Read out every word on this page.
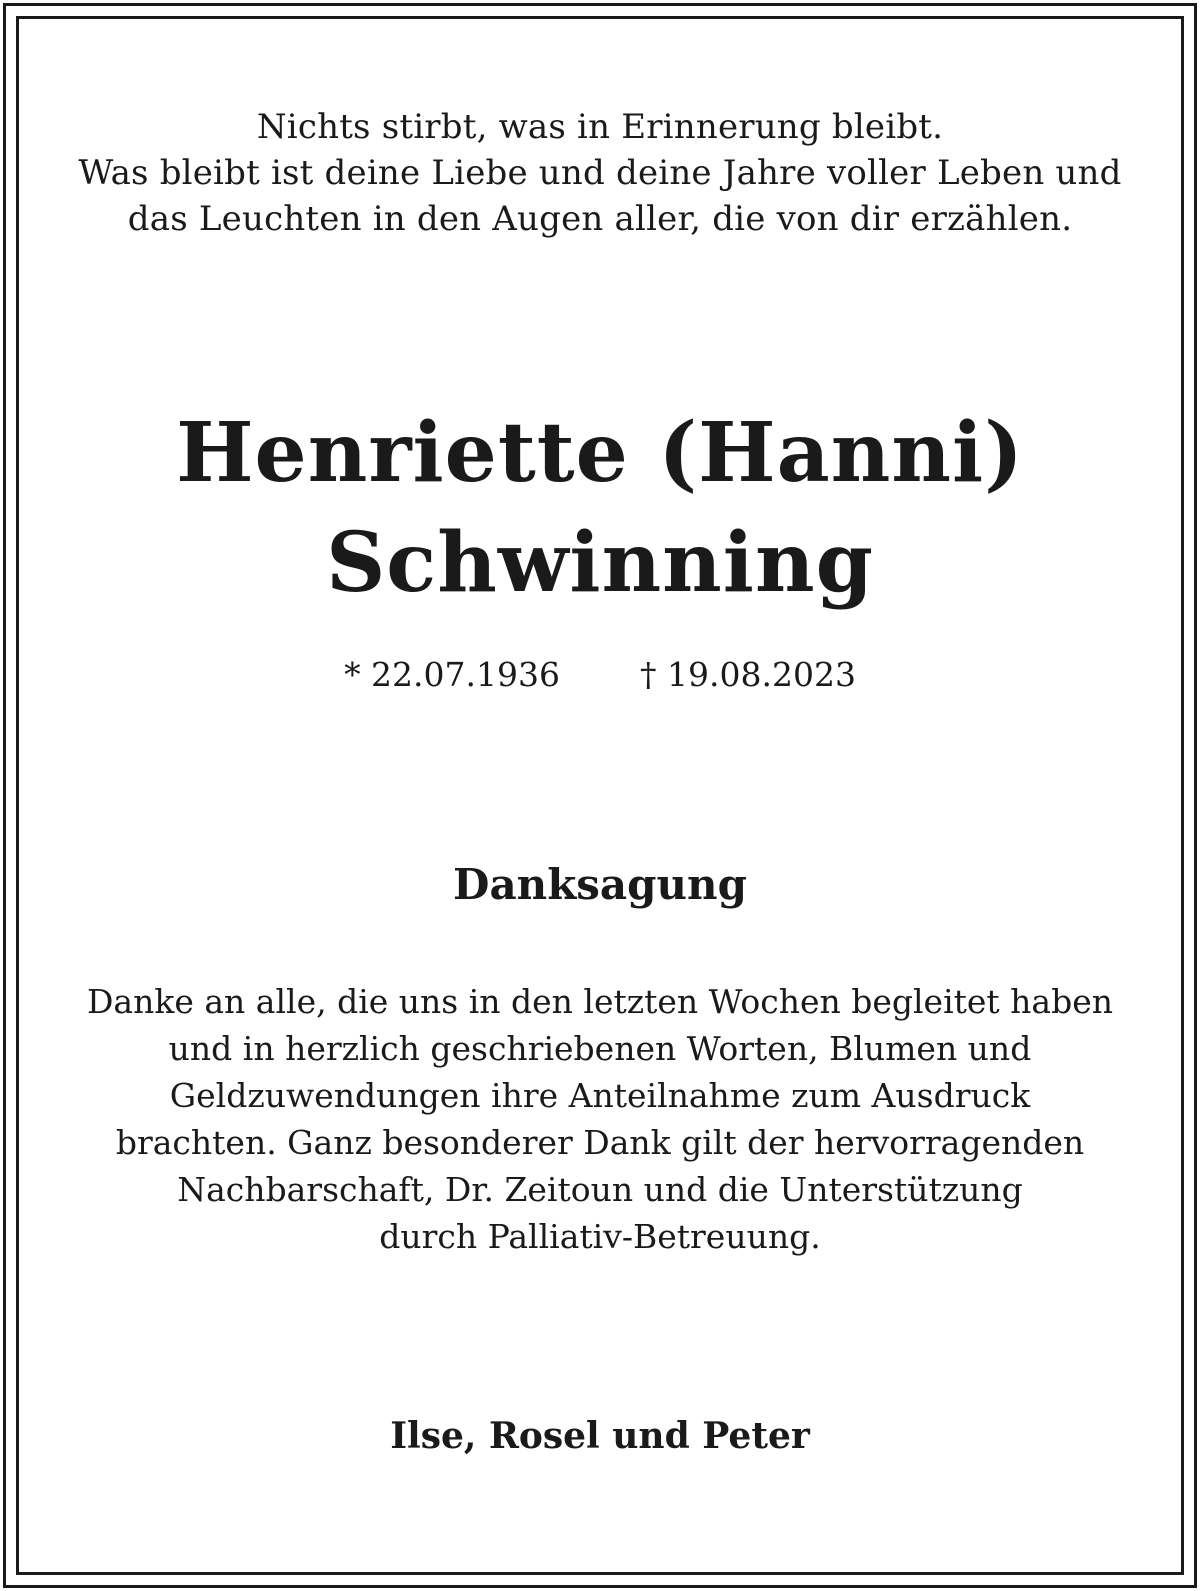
Nichts stirbt, was in Erinnerung bleibt.
Was bleibt ist deine Liebe und deine Jahre voller Leben und
das Leuchten in den Augen aller, die von dir erzählen.
Henriette (Hanni)
Schwinning
* 22.07.1936 † 19.08.2023
Danksagung
Danke an alle, die uns in den letzten Wochen begleitet haben
und in herzlich geschriebenen Worten, Blumen und
Geldzuwendungen ihre Anteilnahme zum Ausdruck
brachten. Ganz besonderer Dank gilt der hervorragenden
Nachbarschaft, Dr. Zeitoun und die Unterstützung
durch Palliativ-Betreuung.
Ilse, Rosel und Peter
